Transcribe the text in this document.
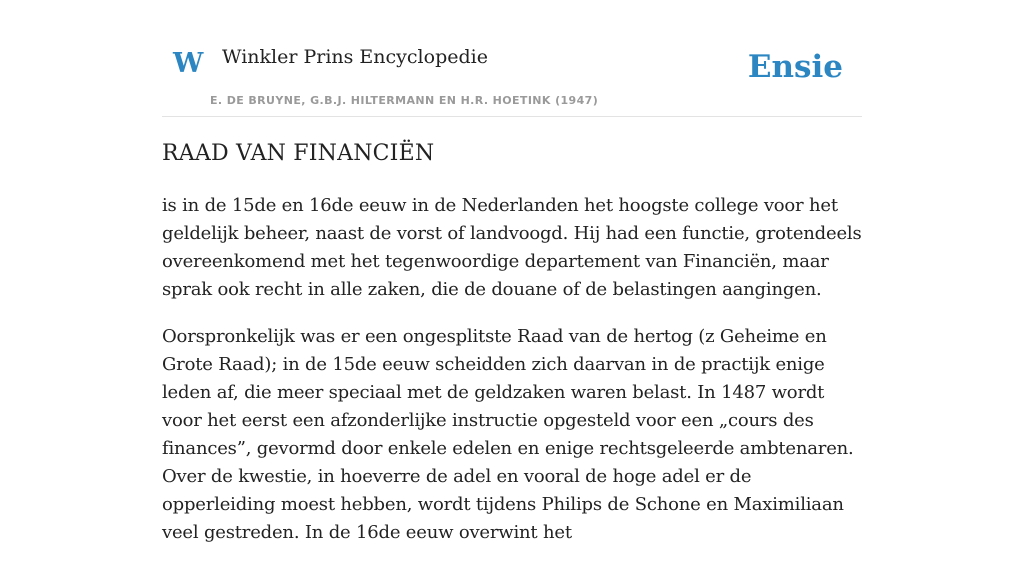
W Winkler Prins Encyclopedie
E. DE BRUYNE, G.B.J. HILTERMANN EN H.R. HOETINK (1947)
Ensie
RAAD VAN FINANCIËN

is in de 15de en 16de eeuw in de Nederlanden het hoogste college voor het geldelijk beheer, naast de vorst of landvoogd. Hij had een functie, grotendeels overeenkomend met het tegenwoordige departement van Financiën, maar sprak ook recht in alle zaken, die de douane of de belastingen aangingen.

Oorspronkelijk was er een ongesplitste Raad van de hertog (z Geheime en Grote Raad); in de 15de eeuw scheidden zich daarvan in de practijk enige leden af, die meer speciaal met de geldzaken waren belast. In 1487 wordt voor het eerst een afzonderlijke instructie opgesteld voor een „cours des finances”, gevormd door enkele edelen en enige rechtsgeleerde ambtenaren. Over de kwestie, in hoeverre de adel en vooral de hoge adel er de opperleiding moest hebben, wordt tijdens Philips de Schone en Maximiliaan veel gestreden. In de 16de eeuw overwint het
